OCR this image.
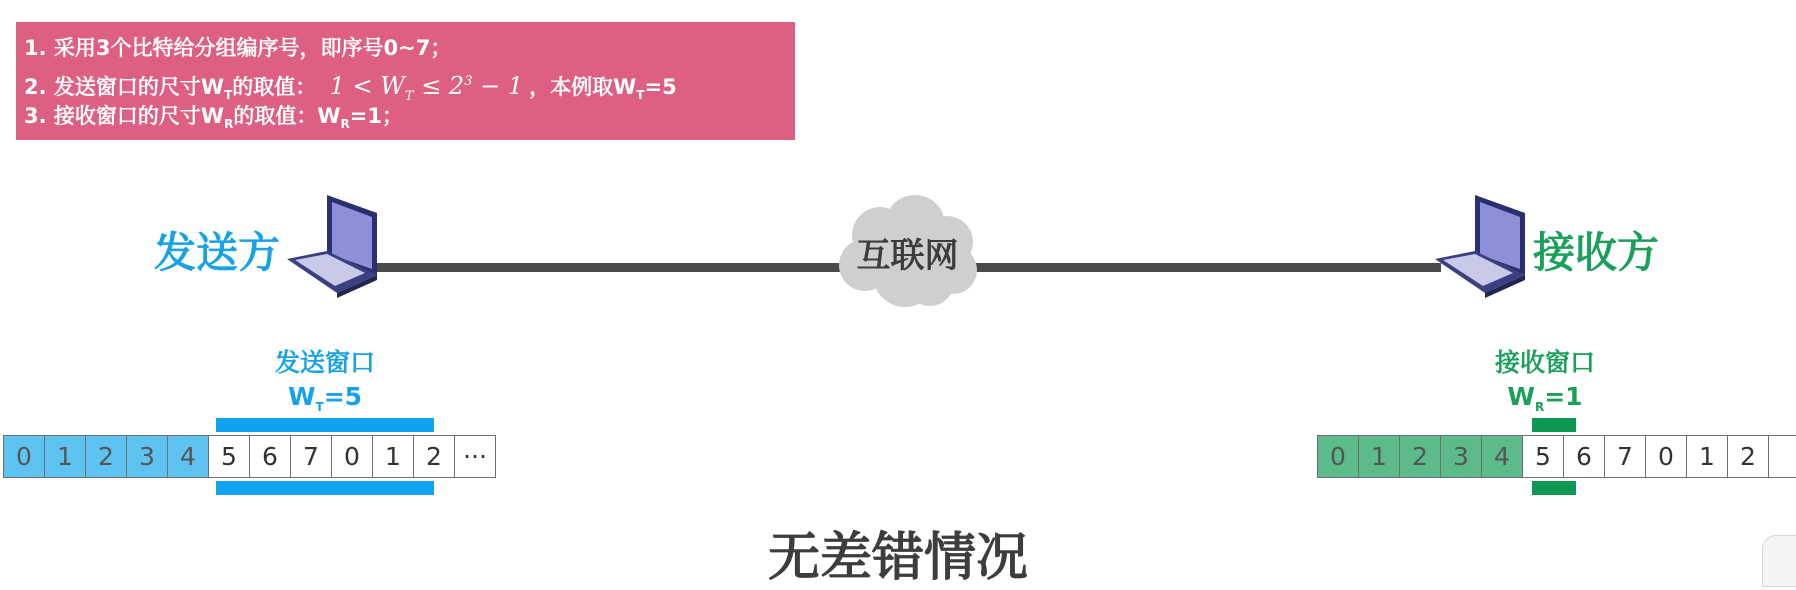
1. 采用3个比特给分组编序号，即序号0~7；
2. 发送窗口的尺寸$W_T$的取值： $1 < W_T \le 2^3 - 1$ ，本例取$W_T=5$
3. 接收窗口的尺寸$W_R$的取值：$W_R=1$；
互联网
发送方	接收方
发送窗口
$W_T=5$
接收窗口
$W_R=1$
0	1	2	3	4	5	6	7	0	1	2 ···	0	1	2	3	4	5	6	7	0	1	2
无差错情况
